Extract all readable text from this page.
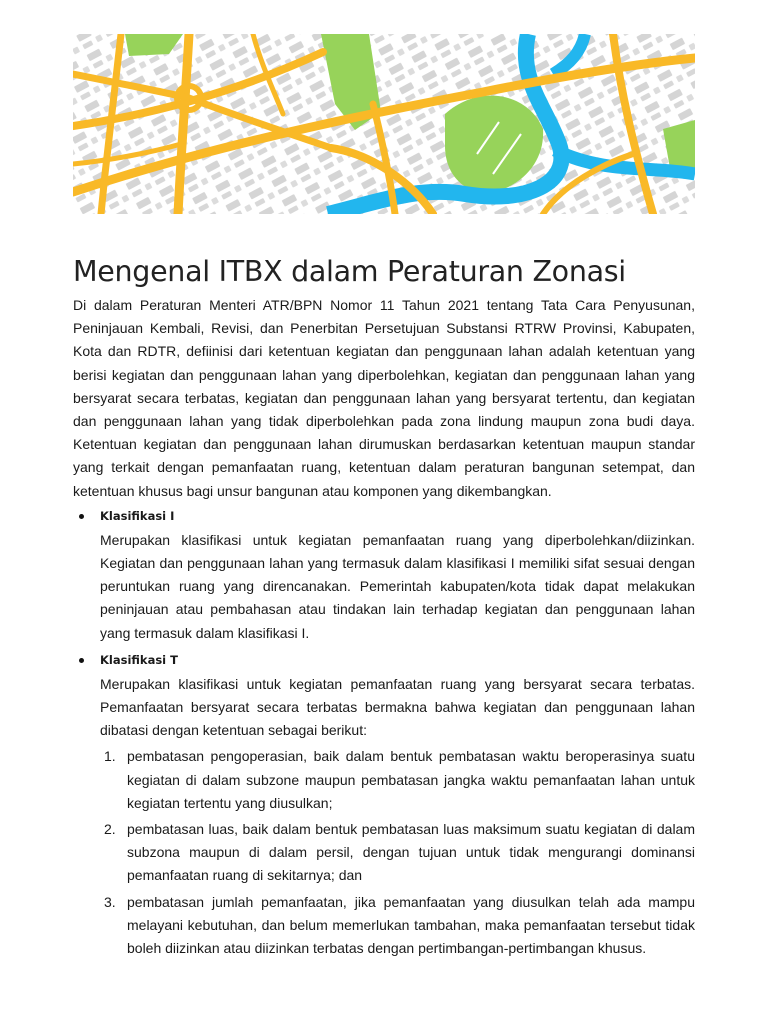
Mengenal ITBX dalam Peraturan Zonasi

Di dalam Peraturan Menteri ATR/BPN Nomor 11 Tahun 2021 tentang Tata Cara Penyusunan, Peninjauan Kembali, Revisi, dan Penerbitan Persetujuan Substansi RTRW Provinsi, Kabupaten, Kota dan RDTR, defiinisi dari ketentuan kegiatan dan penggunaan lahan adalah ketentuan yang berisi kegiatan dan penggunaan lahan yang diperbolehkan, kegiatan dan penggunaan lahan yang bersyarat secara terbatas, kegiatan dan penggunaan lahan yang bersyarat tertentu, dan kegiatan dan penggunaan lahan yang tidak diperbolehkan pada zona lindung maupun zona budi daya. Ketentuan kegiatan dan penggunaan lahan dirumuskan berdasarkan ketentuan maupun standar yang terkait dengan pemanfaatan ruang, ketentuan dalam peraturan bangunan setempat, dan ketentuan khusus bagi unsur bangunan atau komponen yang dikembangkan.

Klasifikasi I

Merupakan klasifikasi untuk kegiatan pemanfaatan ruang yang diperbolehkan/diizinkan. Kegiatan dan penggunaan lahan yang termasuk dalam klasifikasi I memiliki sifat sesuai dengan peruntukan ruang yang direncanakan. Pemerintah kabupaten/kota tidak dapat melakukan peninjauan atau pembahasan atau tindakan lain terhadap kegiatan dan penggunaan lahan yang termasuk dalam klasifikasi I.

Klasifikasi T

Merupakan klasifikasi untuk kegiatan pemanfaatan ruang yang bersyarat secara terbatas. Pemanfaatan bersyarat secara terbatas bermakna bahwa kegiatan dan penggunaan lahan dibatasi dengan ketentuan sebagai berikut:

1. pembatasan pengoperasian, baik dalam bentuk pembatasan waktu beroperasinya suatu kegiatan di dalam subzone maupun pembatasan jangka waktu pemanfaatan lahan untuk kegiatan tertentu yang diusulkan;

2. pembatasan luas, baik dalam bentuk pembatasan luas maksimum suatu kegiatan di dalam subzona maupun di dalam persil, dengan tujuan untuk tidak mengurangi dominansi pemanfaatan ruang di sekitarnya; dan

3. pembatasan jumlah pemanfaatan, jika pemanfaatan yang diusulkan telah ada mampu melayani kebutuhan, dan belum memerlukan tambahan, maka pemanfaatan tersebut tidak boleh diizinkan atau diizinkan terbatas dengan pertimbangan-pertimbangan khusus.
